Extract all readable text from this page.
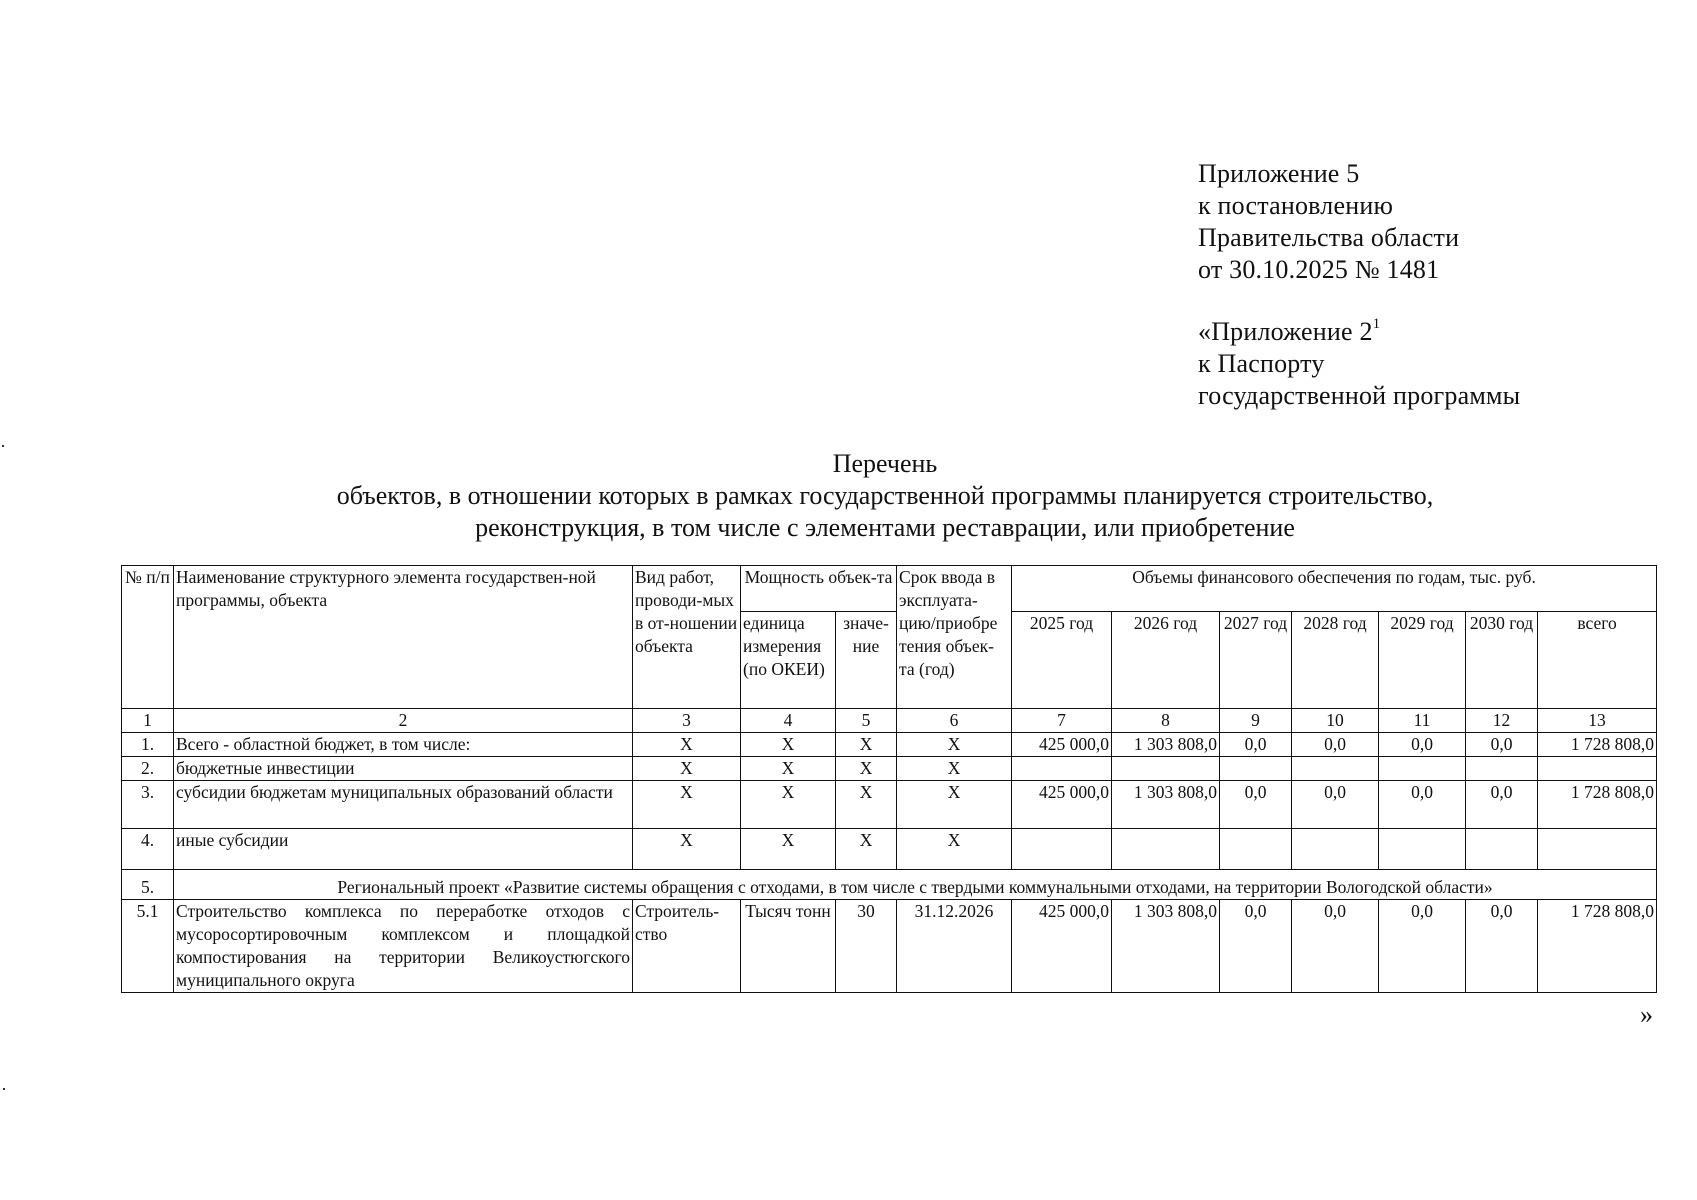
Приложение 5
к постановлению
Правительства области
от 30.10.2025 № 1481
«Приложение $2^1$
к Паспорту
государственной программы
Перечень
объектов, в отношении которых в рамках государственной программы планируется строительство,
реконструкция, в том числе с элементами реставрации, или приобретение
№ п/п	Наименование структурного элемента государствен-ной программы, объекта	Вид работ, проводи-мых в от-ношении объекта	Мощность объек-та		Срок ввода в эксплуата-цию/приобре тения объек-та (год)	Объемы финансового обеспечения по годам, тыс. руб.						
			единица измерения (по ОКЕИ)	значе-ние		2025 год	2026 год	2027 год	2028 год	2029 год	2030 год	всего
1	2	3	4	5	6	7	8	9	10	11	12	13
1.	Всего - областной бюджет, в том числе:	X	X	X	X	425 000,0	1 303 808,0	0,0	0,0	0,0	0,0	1 728 808,0
2.	бюджетные инвестиции	X	X	X	X							
3.	субсидии бюджетам муниципальных образований области	X	X	X	X	425 000,0	1 303 808,0	0,0	0,0	0,0	0,0	1 728 808,0
4.	иные субсидии	X	X	X	X							
5.	Региональный проект «Развитие системы обращения с отходами, в том числе с твердыми коммунальными отходами, на территории Вологодской области»											
5.1	Строительство комплекса по переработке отходов с мусоросортировочным комплексом и площадкой компостирования на территории Великоустюгского муниципального округа	Строитель-ство	Тысяч тонн	30	31.12.2026	425 000,0	1 303 808,0	0,0	0,0	0,0	0,0	1 728 808,0
»
